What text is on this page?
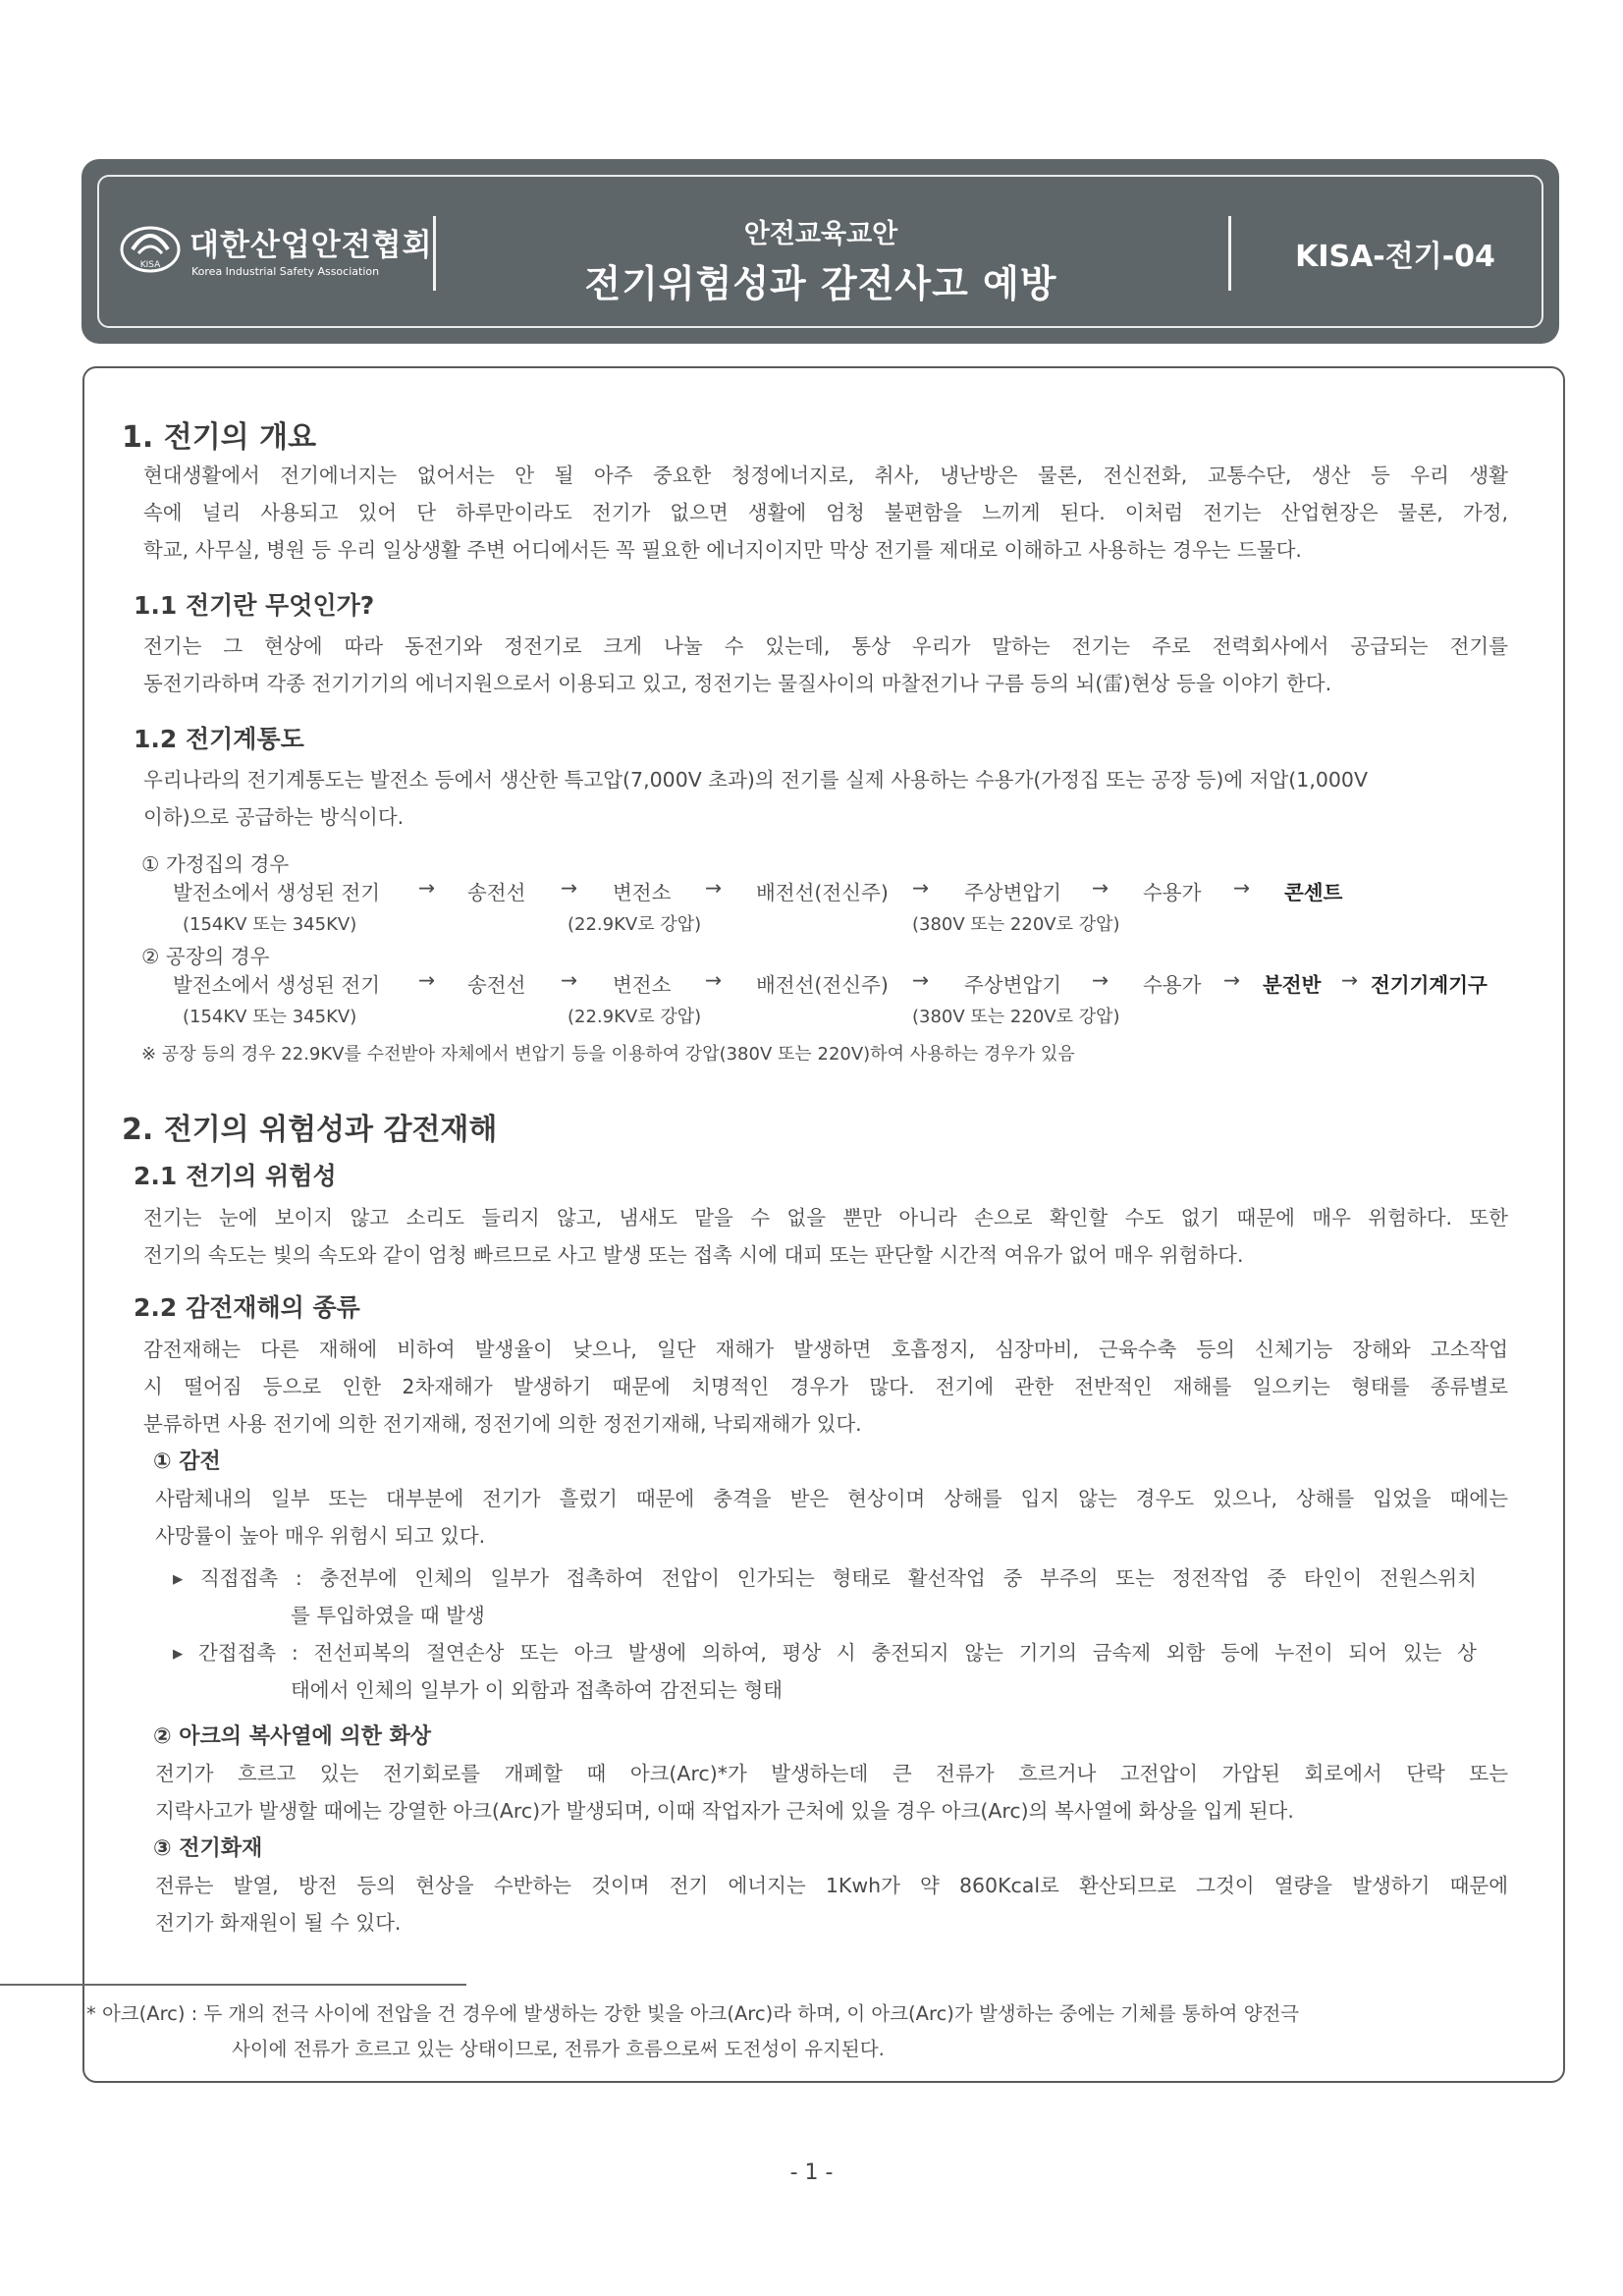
KISA
대한산업안전협회
Korea Industrial Safety Association
안전교육교안
전기위험성과 감전사고 예방
KISA-전기-04
1. 전기의 개요
현대생활에서 전기에너지는 없어서는 안 될 아주 중요한 청정에너지로, 취사, 냉난방은 물론, 전신전화, 교통수단, 생산 등 우리 생활
속에 널리 사용되고 있어 단 하루만이라도 전기가 없으면 생활에 엄청 불편함을 느끼게 된다. 이처럼 전기는 산업현장은 물론, 가정,
학교, 사무실, 병원 등 우리 일상생활 주변 어디에서든 꼭 필요한 에너지이지만 막상 전기를 제대로 이해하고 사용하는 경우는 드물다.
1.1 전기란 무엇인가?
전기는 그 현상에 따라 동전기와 정전기로 크게 나눌 수 있는데, 통상 우리가 말하는 전기는 주로 전력회사에서 공급되는 전기를
동전기라하며 각종 전기기기의 에너지원으로서 이용되고 있고, 정전기는 물질사이의 마찰전기나 구름 등의 뇌(雷)현상 등을 이야기 한다.
1.2 전기계통도
우리나라의 전기계통도는 발전소 등에서 생산한 특고압(7,000V 초과)의 전기를 실제 사용하는 수용가(가정집 또는 공장 등)에 저압(1,000V
이하)으로 공급하는 방식이다.
① 가정집의 경우
발전소에서 생성된 전기 → 송전선 → 변전소 → 배전선(전신주) → 주상변압기 → 수용가 → 콘센트
(154KV 또는 345KV)	(22.9KV로 강압)	(380V 또는 220V로 강압)
② 공장의 경우
발전소에서 생성된 전기 → 송전선 → 변전소 → 배전선(전신주) → 주상변압기 → 수용가 → 분전반 → 전기기계기구
(154KV 또는 345KV)	(22.9KV로 강압)	(380V 또는 220V로 강압)
※ 공장 등의 경우 22.9KV를 수전받아 자체에서 변압기 등을 이용하여 강압(380V 또는 220V)하여 사용하는 경우가 있음
2. 전기의 위험성과 감전재해
2.1 전기의 위험성
전기는 눈에 보이지 않고 소리도 들리지 않고, 냄새도 맡을 수 없을 뿐만 아니라 손으로 확인할 수도 없기 때문에 매우 위험하다. 또한
전기의 속도는 빛의 속도와 같이 엄청 빠르므로 사고 발생 또는 접촉 시에 대피 또는 판단할 시간적 여유가 없어 매우 위험하다.
2.2 감전재해의 종류
감전재해는 다른 재해에 비하여 발생율이 낮으나, 일단 재해가 발생하면 호흡정지, 심장마비, 근육수축 등의 신체기능 장해와 고소작업
시 떨어짐 등으로 인한 2차재해가 발생하기 때문에 치명적인 경우가 많다. 전기에 관한 전반적인 재해를 일으키는 형태를 종류별로
분류하면 사용 전기에 의한 전기재해, 정전기에 의한 정전기재해, 낙뢰재해가 있다.
① 감전
사람체내의 일부 또는 대부분에 전기가 흘렀기 때문에 충격을 받은 현상이며 상해를 입지 않는 경우도 있으나, 상해를 입었을 때에는
사망률이 높아 매우 위험시 되고 있다.
▸ 직접접촉 : 충전부에 인체의 일부가 접촉하여 전압이 인가되는 형태로 활선작업 중 부주의 또는 정전작업 중 타인이 전원스위치
를 투입하였을 때 발생
▸ 간접접촉 : 전선피복의 절연손상 또는 아크 발생에 의하여, 평상 시 충전되지 않는 기기의 금속제 외함 등에 누전이 되어 있는 상
태에서 인체의 일부가 이 외함과 접촉하여 감전되는 형태
② 아크의 복사열에 의한 화상
전기가 흐르고 있는 전기회로를 개폐할 때 아크(Arc)*가 발생하는데 큰 전류가 흐르거나 고전압이 가압된 회로에서 단락 또는
지락사고가 발생할 때에는 강열한 아크(Arc)가 발생되며, 이때 작업자가 근처에 있을 경우 아크(Arc)의 복사열에 화상을 입게 된다.
③ 전기화재
전류는 발열, 방전 등의 현상을 수반하는 것이며 전기 에너지는 1Kwh가 약 860Kcal로 환산되므로 그것이 열량을 발생하기 때문에
전기가 화재원이 될 수 있다.
* 아크(Arc) : 두 개의 전극 사이에 전압을 건 경우에 발생하는 강한 빛을 아크(Arc)라 하며, 이 아크(Arc)가 발생하는 중에는 기체를 통하여 양전극
사이에 전류가 흐르고 있는 상태이므로, 전류가 흐름으로써 도전성이 유지된다.
- 1 -
